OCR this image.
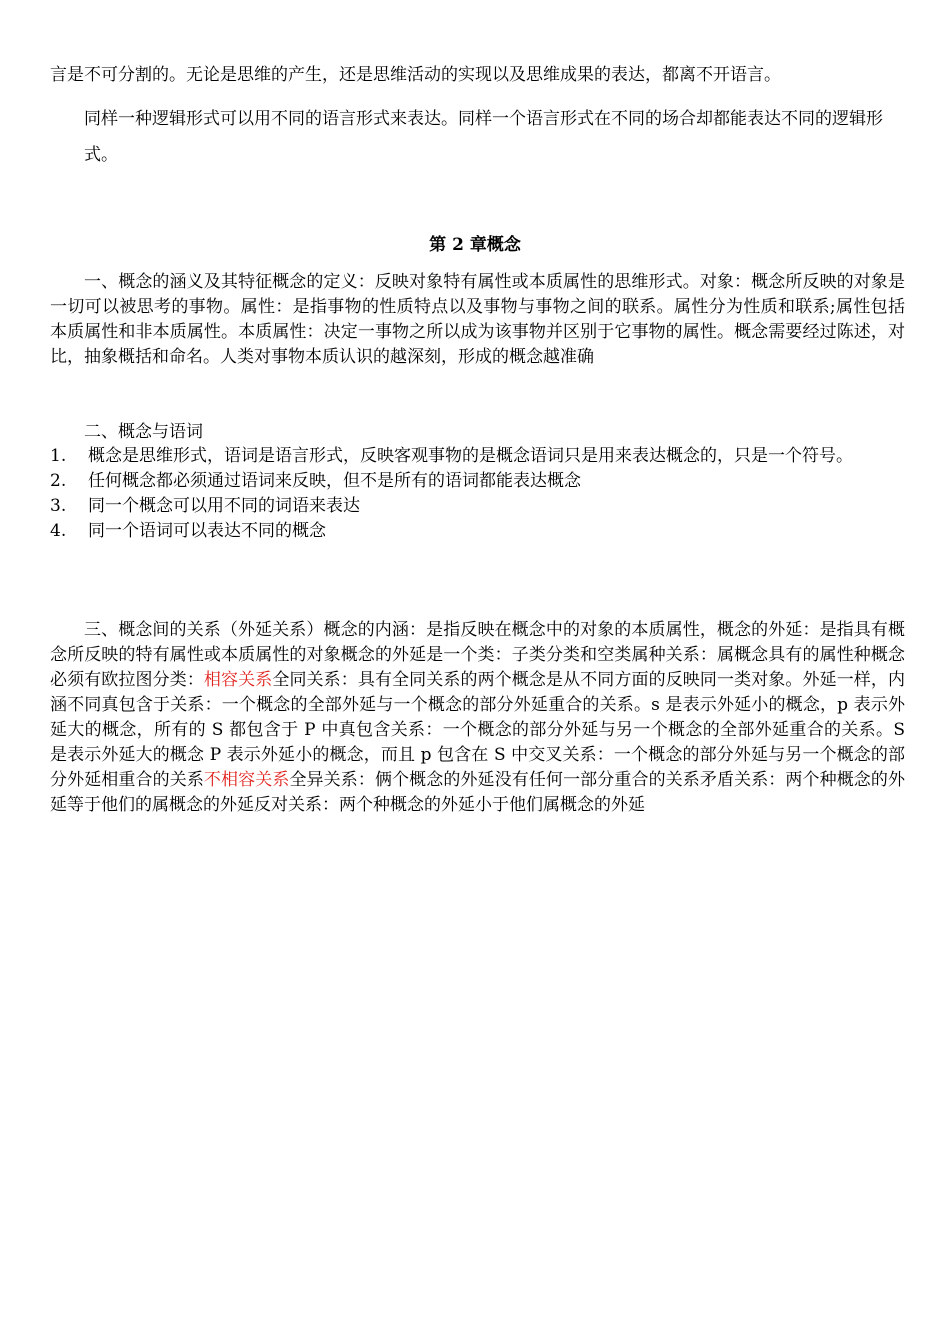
言是不可分割的。无论是思维的产生，还是思维活动的实现以及思维成果的表达，都离不开语言。
同样一种逻辑形式可以用不同的语言形式来表达。同样一个语言形式在不同的场合却都能表达不同的逻辑形式。
第 2 章概念
一、概念的涵义及其特征概念的定义：反映对象特有属性或本质属性的思维形式。对象：概念所反映的对象是一切可以被思考的事物。属性：是指事物的性质特点以及事物与事物之间的联系。属性分为性质和联系;属性包括本质属性和非本质属性。本质属性：决定一事物之所以成为该事物并区别于它事物的属性。概念需要经过陈述，对比，抽象概括和命名。人类对事物本质认识的越深刻，形成的概念越准确
二、概念与语词
1.	概念是思维形式，语词是语言形式，反映客观事物的是概念语词只是用来表达概念的，只是一个符号。
2.	任何概念都必须通过语词来反映，但不是所有的语词都能表达概念
3.	同一个概念可以用不同的词语来表达
4.	同一个语词可以表达不同的概念
三、概念间的关系（外延关系）概念的内涵：是指反映在概念中的对象的本质属性，概念的外延：是指具有概念所反映的特有属性或本质属性的对象概念的外延是一个类：子类分类和空类属种关系：属概念具有的属性种概念必须有欧拉图分类：相容关系全同关系：具有全同关系的两个概念是从不同方面的反映同一类对象。外延一样，内涵不同真包含于关系：一个概念的全部外延与一个概念的部分外延重合的关系。s 是表示外延小的概念，p 表示外延大的概念，所有的 S 都包含于 P 中真包含关系：一个概念的部分外延与另一个概念的全部外延重合的关系。S 是表示外延大的概念 P 表示外延小的概念，而且 p 包含在 S 中交叉关系：一个概念的部分外延与另一个概念的部分外延相重合的关系不相容关系全异关系：俩个概念的外延没有任何一部分重合的关系矛盾关系：两个种概念的外延等于他们的属概念的外延反对关系：两个种概念的外延小于他们属概念的外延
